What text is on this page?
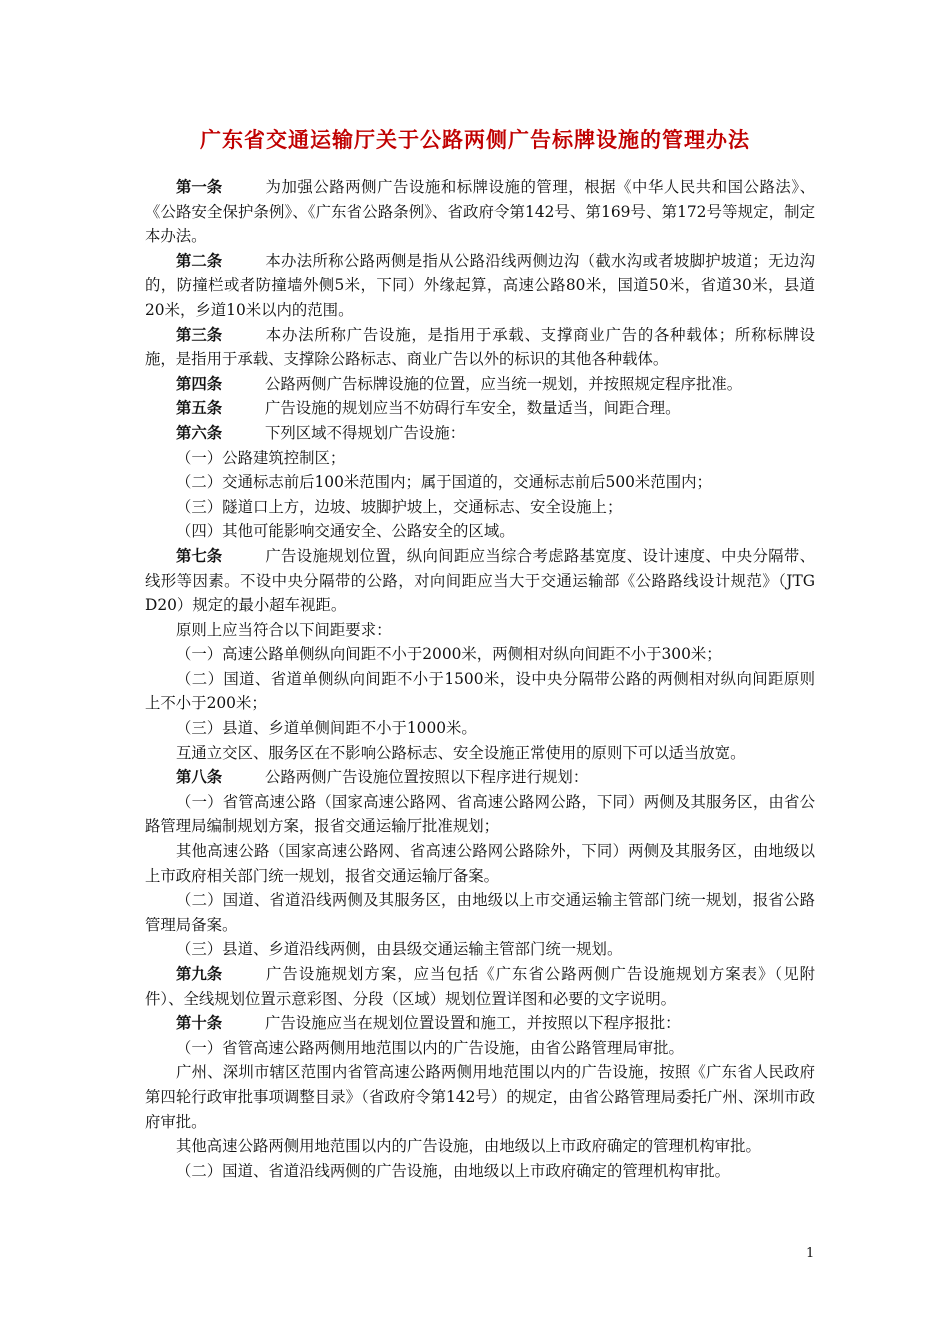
广东省交通运输厅关于公路两侧广告标牌设施的管理办法

第一条	为加强公路两侧广告设施和标牌设施的管理，根据《中华人民共和国公路法》、《公路安全保护条例》、《广东省公路条例》、省政府令第142号、第169号、第172号等规定，制定本办法。

第二条	本办法所称公路两侧是指从公路沿线两侧边沟（截水沟或者坡脚护坡道；无边沟的，防撞栏或者防撞墙外侧5米，下同）外缘起算，高速公路80米，国道50米，省道30米，县道20米，乡道10米以内的范围。

第三条	本办法所称广告设施，是指用于承载、支撑商业广告的各种载体；所称标牌设施，是指用于承载、支撑除公路标志、商业广告以外的标识的其他各种载体。

第四条	公路两侧广告标牌设施的位置，应当统一规划，并按照规定程序批准。

第五条	广告设施的规划应当不妨碍行车安全，数量适当，间距合理。

第六条	下列区域不得规划广告设施：

（一）公路建筑控制区；

（二）交通标志前后100米范围内；属于国道的，交通标志前后500米范围内；

（三）隧道口上方，边坡、坡脚护坡上，交通标志、安全设施上；

（四）其他可能影响交通安全、公路安全的区域。

第七条	广告设施规划位置，纵向间距应当综合考虑路基宽度、设计速度、中央分隔带、线形等因素。不设中央分隔带的公路，对向间距应当大于交通运输部《公路路线设计规范》（JTG D20）规定的最小超车视距。

原则上应当符合以下间距要求：

（一）高速公路单侧纵向间距不小于2000米，两侧相对纵向间距不小于300米；

（二）国道、省道单侧纵向间距不小于1500米，设中央分隔带公路的两侧相对纵向间距原则上不小于200米；

（三）县道、乡道单侧间距不小于1000米。

互通立交区、服务区在不影响公路标志、安全设施正常使用的原则下可以适当放宽。

第八条	公路两侧广告设施位置按照以下程序进行规划：

（一）省管高速公路（国家高速公路网、省高速公路网公路，下同）两侧及其服务区，由省公路管理局编制规划方案，报省交通运输厅批准规划；

其他高速公路（国家高速公路网、省高速公路网公路除外，下同）两侧及其服务区，由地级以上市政府相关部门统一规划，报省交通运输厅备案。

（二）国道、省道沿线两侧及其服务区，由地级以上市交通运输主管部门统一规划，报省公路管理局备案。

（三）县道、乡道沿线两侧，由县级交通运输主管部门统一规划。

第九条	广告设施规划方案，应当包括《广东省公路两侧广告设施规划方案表》（见附件）、全线规划位置示意彩图、分段（区域）规划位置详图和必要的文字说明。

第十条	广告设施应当在规划位置设置和施工，并按照以下程序报批：

（一）省管高速公路两侧用地范围以内的广告设施，由省公路管理局审批。

广州、深圳市辖区范围内省管高速公路两侧用地范围以内的广告设施，按照《广东省人民政府第四轮行政审批事项调整目录》（省政府令第142号）的规定，由省公路管理局委托广州、深圳市政府审批。

其他高速公路两侧用地范围以内的广告设施，由地级以上市政府确定的管理机构审批。

（二）国道、省道沿线两侧的广告设施，由地级以上市政府确定的管理机构审批。

1
